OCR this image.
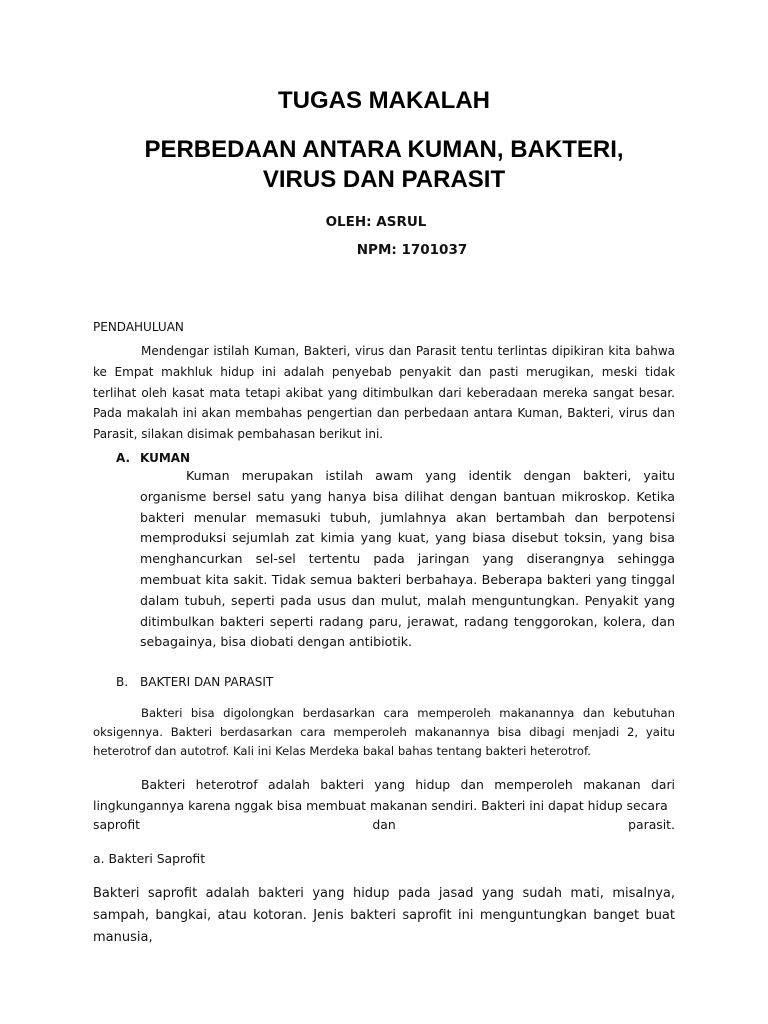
TUGAS MAKALAH
PERBEDAAN ANTARA KUMAN, BAKTERI,
VIRUS DAN PARASIT
OLEH: ASRUL
NPM: 1701037
PENDAHULUAN
Mendengar istilah Kuman, Bakteri, virus dan Parasit tentu terlintas dipikiran kita bahwa ke Empat makhluk hidup ini adalah penyebab penyakit dan pasti merugikan, meski tidak terlihat oleh kasat mata tetapi akibat yang ditimbulkan dari keberadaan mereka sangat besar. Pada makalah ini akan membahas pengertian dan perbedaan antara Kuman, Bakteri, virus dan Parasit, silakan disimak pembahasan berikut ini.
A. KUMAN
Kuman merupakan istilah awam yang identik dengan bakteri, yaitu organisme bersel satu yang hanya bisa dilihat dengan bantuan mikroskop. Ketika bakteri menular memasuki tubuh, jumlahnya akan bertambah dan berpotensi memproduksi sejumlah zat kimia yang kuat, yang biasa disebut toksin, yang bisa menghancurkan sel-sel tertentu pada jaringan yang diserangnya sehingga membuat kita sakit. Tidak semua bakteri berbahaya. Beberapa bakteri yang tinggal dalam tubuh, seperti pada usus dan mulut, malah menguntungkan. Penyakit yang ditimbulkan bakteri seperti radang paru, jerawat, radang tenggorokan, kolera, dan sebagainya, bisa diobati dengan antibiotik.
B. BAKTERI DAN PARASIT
Bakteri bisa digolongkan berdasarkan cara memperoleh makanannya dan kebutuhan oksigennya. Bakteri berdasarkan cara memperoleh makanannya bisa dibagi menjadi 2, yaitu heterotrof dan autotrof. Kali ini Kelas Merdeka bakal bahas tentang bakteri heterotrof.
Bakteri heterotrof adalah bakteri yang hidup dan memperoleh makanan dari lingkungannya karena nggak bisa membuat makanan sendiri. Bakteri ini dapat hidup secara
saprofit	dan	parasit.
a. Bakteri Saprofit
Bakteri saprofit adalah bakteri yang hidup pada jasad yang sudah mati, misalnya, sampah, bangkai, atau kotoran. Jenis bakteri saprofit ini menguntungkan banget buat manusia,
